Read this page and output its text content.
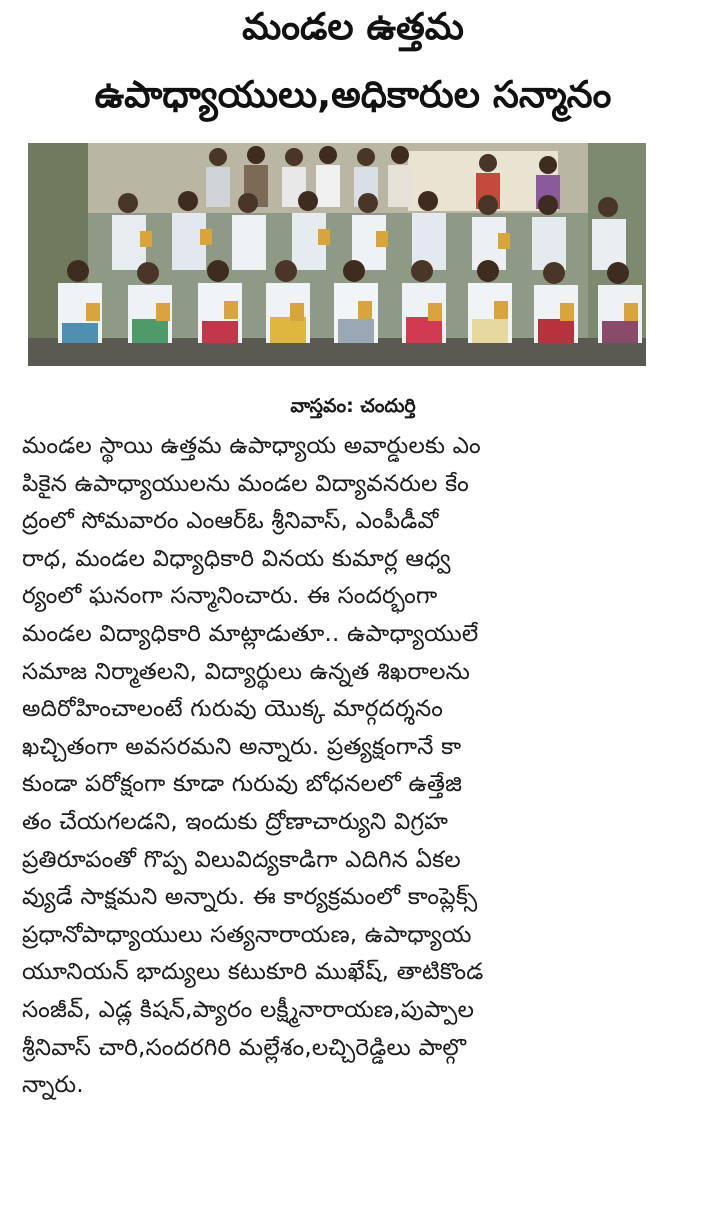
మండల ఉత్తమ
ఉపాధ్యాయులు,అధికారుల సన్మానం
వాస్తవం: చందుర్తి
మండల స్థాయి ఉత్తమ ఉపాధ్యాయ అవార్డులకు ఎం
పికైన ఉపాధ్యాయులను మండల విద్యావనరుల కేం
ద్రంలో సోమవారం ఎంఆర్ఓ శ్రీనివాస్, ఎంపీడీవో
రాధ, మండల విధ్యాధికారి వినయ కుమార్ల ఆధ్వ
ర్యంలో ఘనంగా సన్మానించారు. ఈ సందర్భంగా
మండల విద్యాధికారి మాట్లాడుతూ.. ఉపాధ్యాయులే
సమాజ నిర్మాతలని, విద్యార్థులు ఉన్నత శిఖరాలను
అదిరోహించాలంటే గురువు యొక్క మార్గదర్శనం
ఖచ్చితంగా అవసరమని అన్నారు. ప్రత్యక్షంగానే కా
కుండా పరోక్షంగా కూడా గురువు బోధనలలో ఉత్తేజి
తం చేయగలడని, ఇందుకు ద్రోణాచార్యుని విగ్రహ
ప్రతిరూపంతో గొప్ప విలువిద్యకాడిగా ఎదిగిన ఏకల
వ్యుడే సాక్షమని అన్నారు. ఈ కార్యక్రమంలో కాంప్లెక్స్
ప్రధానోపాధ్యాయులు సత్యనారాయణ, ఉపాధ్యాయ
యూనియన్ భాద్యులు కటుకూరి ముఖేష్, తాటికొండ
సంజీవ్, ఎడ్ల కిషన్,ప్యారం లక్ష్మీనారాయణ,పుప్పాల
శ్రీనివాస్ చారి,సందరగిరి మల్లేశం,లచ్చిరెడ్డిలు పాల్గొ
న్నారు.
